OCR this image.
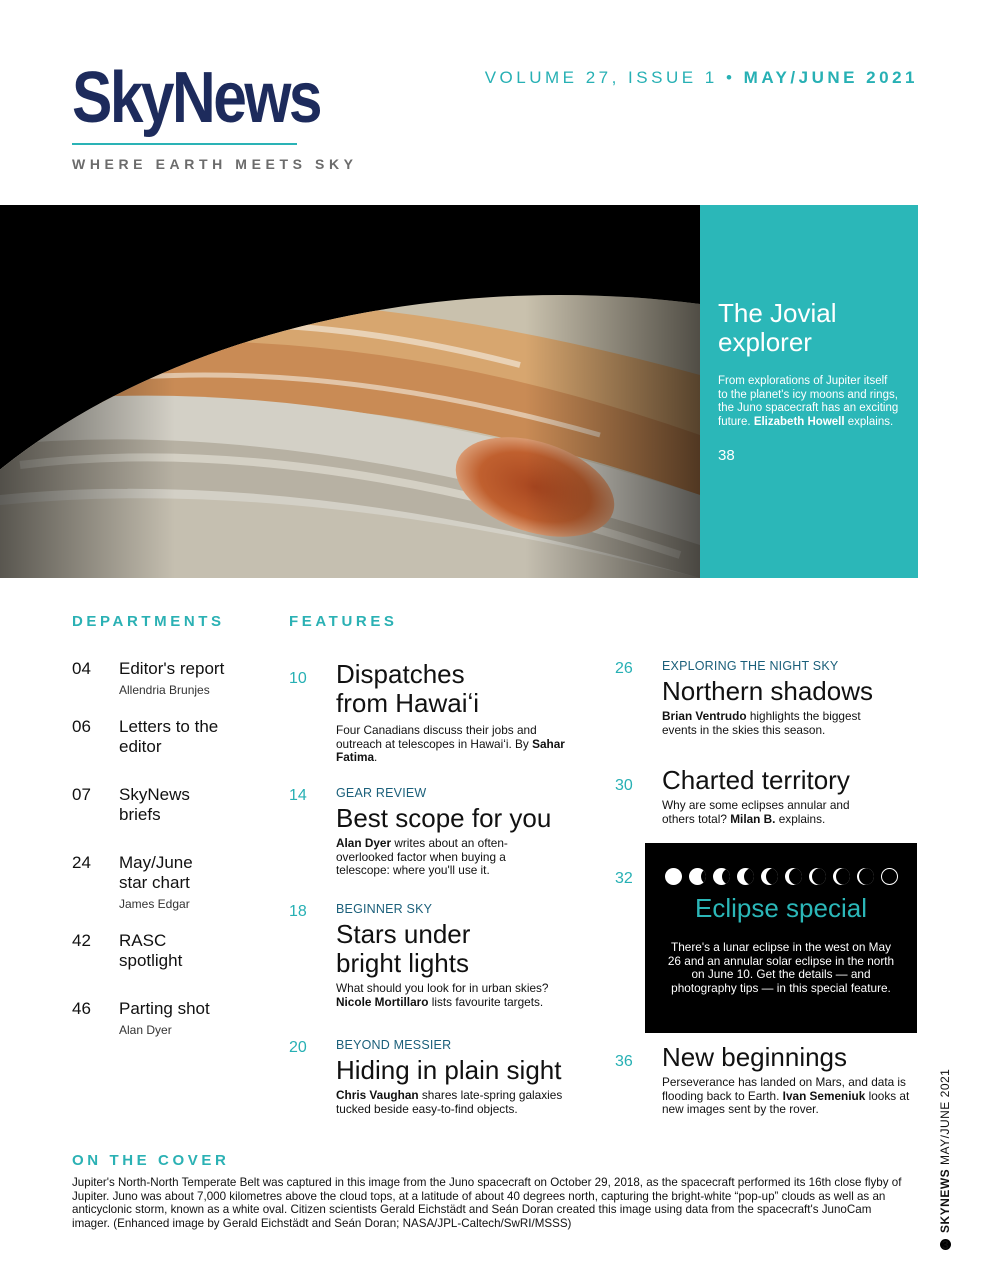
SkyNews
WHERE EARTH MEETS SKY
VOLUME 27, ISSUE 1 • MAY/JUNE 2021
The Jovial explorer
From explorations of Jupiter itself to the planet's icy moons and rings, the Juno spacecraft has an exciting future. Elizabeth Howell explains.
38
DEPARTMENTS	FEATURES
04 Editor's report
Allendria Brunjes
06 Letters to the editor
07 SkyNews briefs
24 May/June star chart
James Edgar
42 RASC spotlight
46 Parting shot
Alan Dyer
10 Dispatches from Hawaiʻi
Four Canadians discuss their jobs and outreach at telescopes in Hawaiʻi. By Sahar Fatima.
14 GEAR REVIEW
Best scope for you
Alan Dyer writes about an often-overlooked factor when buying a telescope: where you'll use it.
18 BEGINNER SKY
Stars under bright lights
What should you look for in urban skies? Nicole Mortillaro lists favourite targets.
20 BEYOND MESSIER
Hiding in plain sight
Chris Vaughan shares late-spring galaxies tucked beside easy-to-find objects.
26 EXPLORING THE NIGHT SKY
Northern shadows
Brian Ventrudo highlights the biggest events in the skies this season.
30 Charted territory
Why are some eclipses annular and others total? Milan B. explains.
32
Eclipse special
There's a lunar eclipse in the west on May 26 and an annular solar eclipse in the north on June 10. Get the details — and photography tips — in this special feature.
36 New beginnings
Perseverance has landed on Mars, and data is flooding back to Earth. Ivan Semeniuk looks at new images sent by the rover.
ON THE COVER
Jupiter's North-North Temperate Belt was captured in this image from the Juno spacecraft on October 29, 2018, as the spacecraft performed its 16th close flyby of Jupiter. Juno was about 7,000 kilometres above the cloud tops, at a latitude of about 40 degrees north, capturing the bright-white “pop-up” clouds as well as an anticyclonic storm, known as a white oval. Citizen scientists Gerald Eichstädt and Seán Doran created this image using data from the spacecraft's JunoCam imager. (Enhanced image by Gerald Eichstädt and Seán Doran; NASA/JPL-Caltech/SwRI/MSSS)	SKYNEWS MAY/JUNE 2021
3
